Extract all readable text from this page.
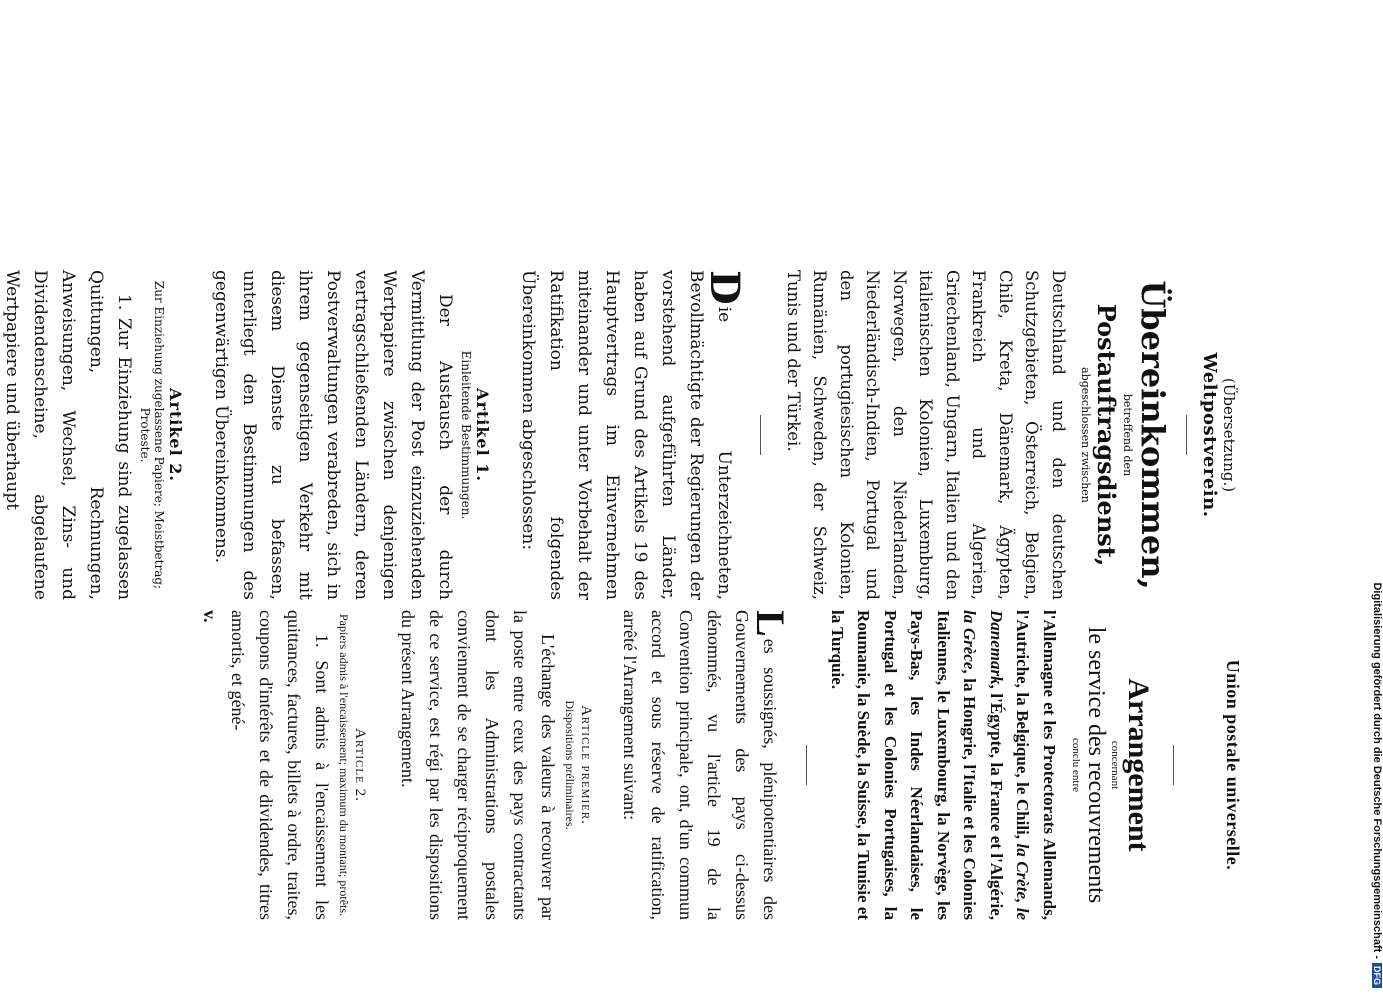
Union postale universelle.

Arrangement

concernant

le service des recouvrements

conclu entre

l'Allemagne et les Protectorats Allemands, l'Autriche, la Belgique, le Chili, la Crète, le Danemark, l'Égypte, la France et l'Algérie, la Grèce, la Hongrie, l'Italie et les Colonies Italiennes, le Luxembourg, la Norvège, les Pays-Bas, les Indes Néerlandaises, le Portugal et les Colonies Portugaises, la Roumanie, la Suède, la Suisse, la Tunisie et la Turquie.

L
es soussignés, plénipotentiaires des Gouvernements des pays ci-dessus dénommés, vu l'article 19 de la Convention principale, ont, d'un commun accord et sous réserve de ratification, arrêté l'Arrangement suivant:

Article premier.

Dispositions préliminaires.

L'échange des valeurs à recouvrer par la poste entre ceux des pays contractants dont les Administrations postales conviennent de se charger réciproquement de ce service, est régi par les dispositions du présent Arrangement.

Article 2.

Papiers admis à l'encaissement; maximum du montant; protêts.

1. Sont admis à l'encaissement les quittances, factures, billets à ordre, traites, coupons d'intérêts et de dividendes, titres amortis, et géné-

v.

(Übersetzung.)

Weltpostverein.

Übereinkommen,

betreffend den

Postauftragsdienst,

abgeschlossen zwischen

Deutschland und den deutschen Schutzgebieten, Österreich, Belgien, Chile, Kreta, Dänemark, Ägypten, Frankreich und Algerien, Griechenland, Ungarn, Italien und den italienischen Kolonien, Luxemburg, Norwegen, den Niederlanden, Niederländisch-Indien, Portugal und den portugiesischen Kolonien, Rumänien, Schweden, der Schweiz, Tunis und der Türkei.

D
ie Unterzeichneten, Bevollmächtigte der Regierungen der vorstehend aufgeführten Länder, haben auf Grund des Artikels 19 des Hauptvertrags im Einvernehmen miteinander und unter Vorbehalt der Ratifikation folgendes Übereinkommen abgeschlossen:

Artikel 1.

Einleitende Bestimmungen.

Der Austausch der durch Vermittlung der Post einzuziehenden Wertpapiere zwischen denjenigen vertragschließenden Ländern, deren Postverwaltungen verabreden, sich in ihrem gegenseitigen Verkehr mit diesem Dienste zu befassen, unterliegt den Bestimmungen des gegenwärtigen Übereinkommens.

Artikel 2.

Zur Einziehung zugelassene Papiere; Meistbetrag; Proteste.

1. Zur Einziehung sind zugelassen Quittungen, Rechnungen, Anweisungen, Wechsel, Zins- und Dividendenscheine, abgelaufene Wertpapiere und überhaupt

Digitalisierung gefördert durch die Deutsche Forschungsgemeinschaft -DFG
